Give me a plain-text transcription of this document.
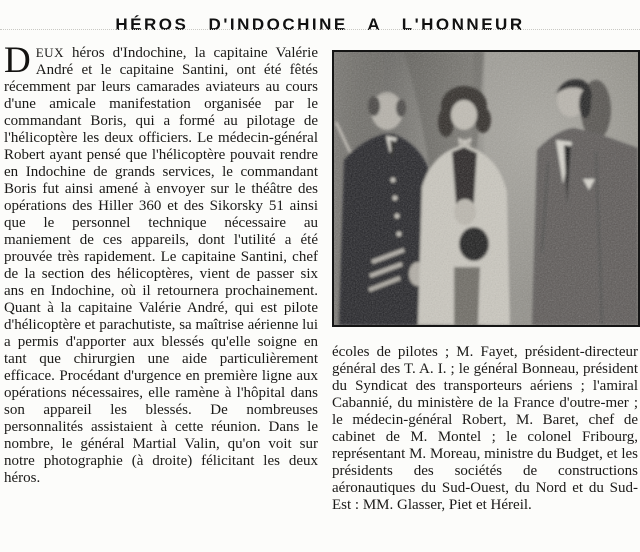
HÉROS D'INDOCHINE A L'HONNEUR
DEUX héros d'Indochine, la capitaine Valérie André et le capitaine Santini, ont été fêtés récemment par leurs camarades aviateurs au cours d'une amicale manifestation organisée par le commandant Boris, qui a formé au pilotage de l'hélicoptère les deux officiers. Le médecin-général Robert ayant pensé que l'hélicoptère pouvait rendre en Indochine de grands services, le commandant Boris fut ainsi amené à envoyer sur le théâtre des opérations des Hiller 360 et des Sikorsky 51 ainsi que le personnel technique nécessaire au maniement de ces appareils, dont l'utilité a été prouvée très rapidement. Le capitaine Santini, chef de la section des hélicoptères, vient de passer six ans en Indochine, où il retournera prochainement. Quant à la capitaine Valérie André, qui est pilote d'hélicoptère et parachutiste, sa maîtrise aérienne lui a permis d'apporter aux blessés qu'elle soigne en tant que chirurgien une aide particulièrement efficace. Procédant d'urgence en première ligne aux opérations nécessaires, elle ramène à l'hôpital dans son appareil les blessés. De nombreuses personnalités assistaient à cette réunion. Dans le nombre, le général Martial Valin, qu'on voit sur notre photographie (à droite) félicitant les deux héros.
écoles de pilotes ; M. Fayet, président-directeur général des T. A. I. ; le général Bonneau, président du Syndicat des transporteurs aériens ; l'amiral Cabannié, du ministère de la France d'outre-mer ; le médecin-général Robert, M. Baret, chef de cabinet de M. Montel ; le colonel Fribourg, représentant M. Moreau, ministre du Budget, et les présidents des sociétés de constructions aéronautiques du Sud-Ouest, du Nord et du Sud-Est : MM. Glasser, Piet et Héreil.
